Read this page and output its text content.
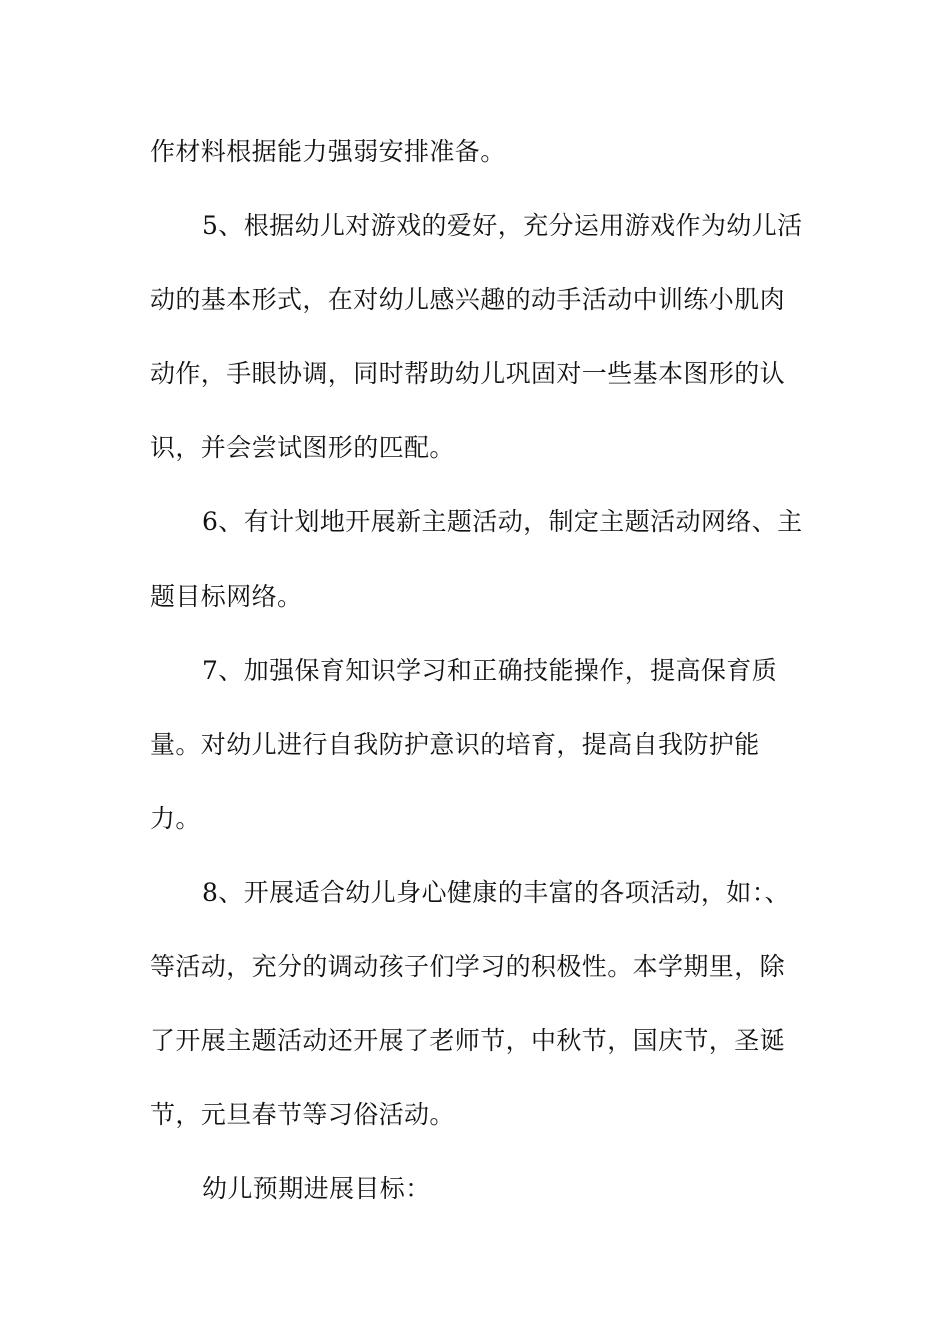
作材料根据能力强弱安排准备。
5、根据幼儿对游戏的爱好，充分运用游戏作为幼儿活
动的基本形式，在对幼儿感兴趣的动手活动中训练小肌肉
动作，手眼协调，同时帮助幼儿巩固对一些基本图形的认
识，并会尝试图形的匹配。
6、有计划地开展新主题活动，制定主题活动网络、主
题目标网络。
7、加强保育知识学习和正确技能操作，提高保育质
量。对幼儿进行自我防护意识的培育，提高自我防护能
力。
8、开展适合幼儿身心健康的丰富的各项活动，如：、
等活动，充分的调动孩子们学习的积极性。本学期里，除
了开展主题活动还开展了老师节，中秋节，国庆节，圣诞
节，元旦春节等习俗活动。
幼儿预期进展目标：
